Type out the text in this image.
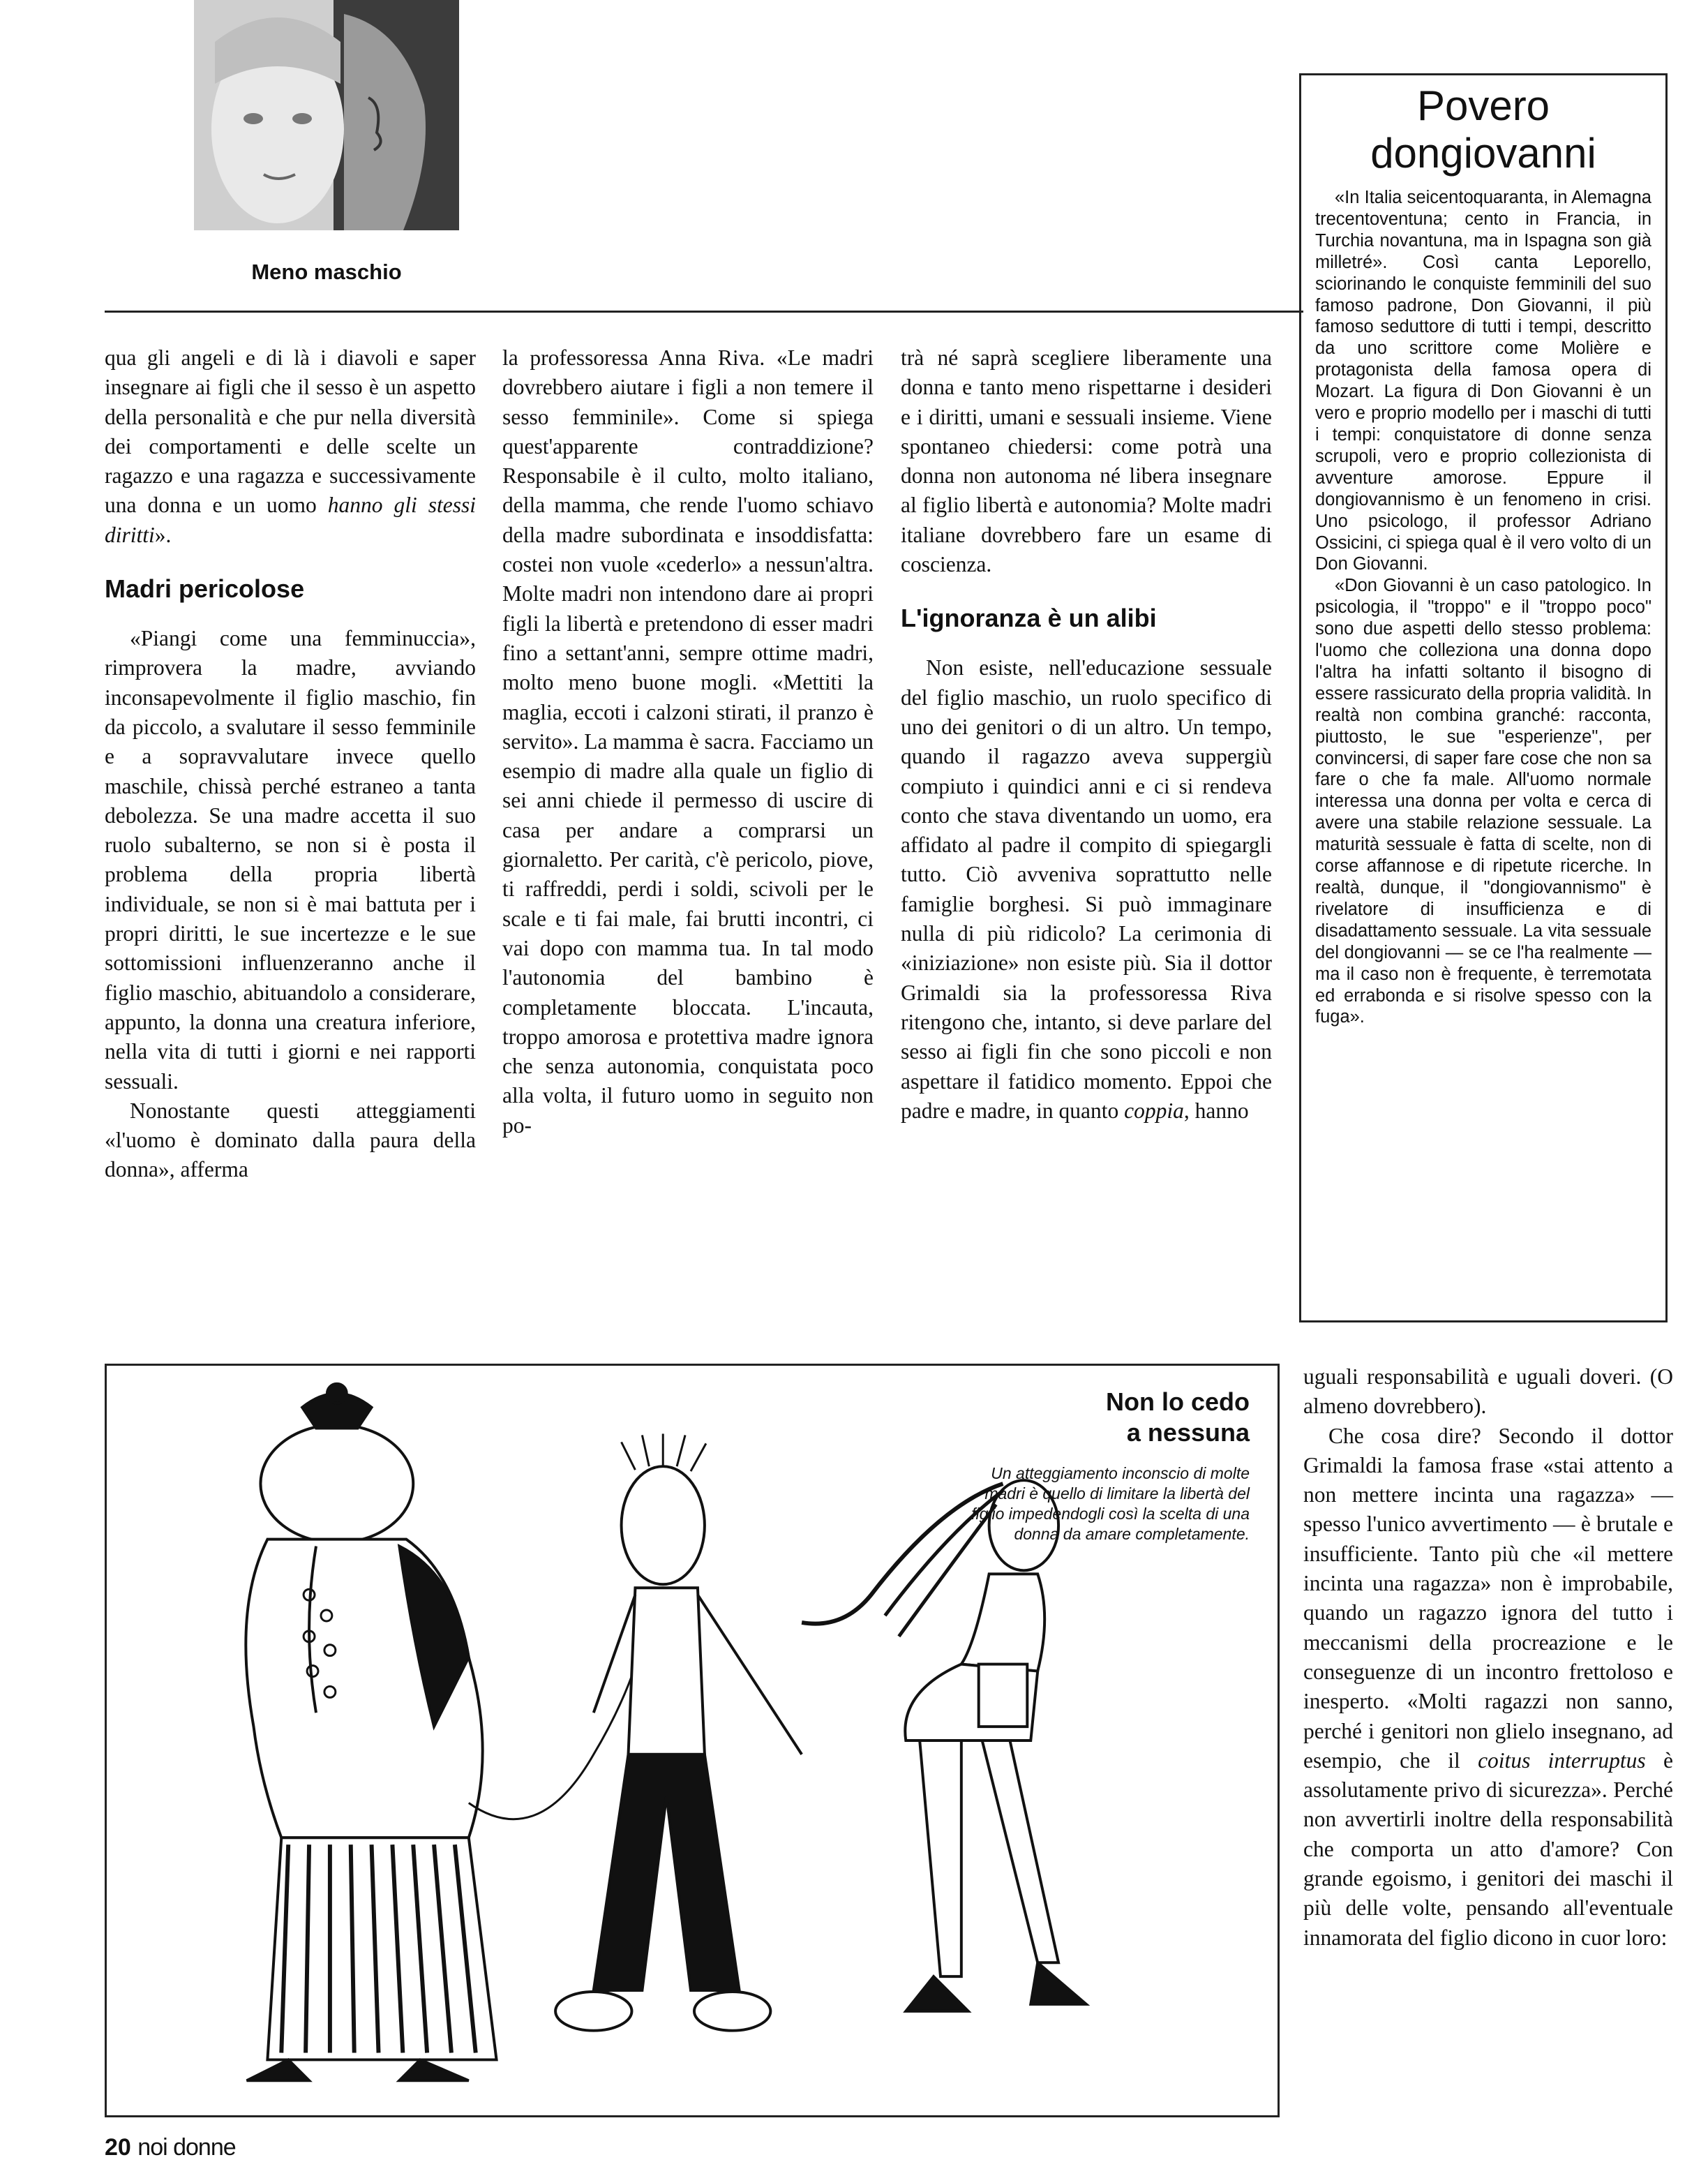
Meno maschio

qua gli angeli e di là i diavoli e saper insegnare ai figli che il sesso è un aspetto della personalità e che pur nella diversità dei comportamenti e delle scelte un ragazzo e una ragazza e successivamente una donna e un uomo hanno gli stessi diritti».

Madri pericolose

«Piangi come una femminuccia», rimprovera la madre, avviando inconsapevolmente il figlio maschio, fin da piccolo, a svalutare il sesso femminile e a sopravvalutare invece quello maschile, chissà perché estraneo a tanta debolezza. Se una madre accetta il suo ruolo subalterno, se non si è posta il problema della propria libertà individuale, se non si è mai battuta per i propri diritti, le sue incertezze e le sue sottomissioni influenzeranno anche il figlio maschio, abituandolo a considerare, appunto, la donna una creatura inferiore, nella vita di tutti i giorni e nei rapporti sessuali.

Nonostante questi atteggiamenti «l'uomo è dominato dalla paura della donna», afferma

la professoressa Anna Riva. «Le madri dovrebbero aiutare i figli a non temere il sesso femminile». Come si spiega quest'apparente contraddizione? Responsabile è il culto, molto italiano, della mamma, che rende l'uomo schiavo della madre subordinata e insoddisfatta: costei non vuole «cederlo» a nessun'altra. Molte madri non intendono dare ai propri figli la libertà e pretendono di esser madri fino a settant'anni, sempre ottime madri, molto meno buone mogli. «Mettiti la maglia, eccoti i calzoni stirati, il pranzo è servito». La mamma è sacra. Facciamo un esempio di madre alla quale un figlio di sei anni chiede il permesso di uscire di casa per andare a comprarsi un giornaletto. Per carità, c'è pericolo, piove, ti raffreddi, perdi i soldi, scivoli per le scale e ti fai male, fai brutti incontri, ci vai dopo con mamma tua. In tal modo l'autonomia del bambino è completamente bloccata. L'incauta, troppo amorosa e protettiva madre ignora che senza autonomia, conquistata poco alla volta, il futuro uomo in seguito non po-

trà né saprà scegliere liberamente una donna e tanto meno rispettarne i desideri e i diritti, umani e sessuali insieme. Viene spontaneo chiedersi: come potrà una donna non autonoma né libera insegnare al figlio libertà e autonomia? Molte madri italiane dovrebbero fare un esame di coscienza.

L'ignoranza è un alibi

Non esiste, nell'educazione sessuale del figlio maschio, un ruolo specifico di uno dei genitori o di un altro. Un tempo, quando il ragazzo aveva suppergiù compiuto i quindici anni e ci si rendeva conto che stava diventando un uomo, era affidato al padre il compito di spiegargli tutto. Ciò avveniva soprattutto nelle famiglie borghesi. Si può immaginare nulla di più ridicolo? La cerimonia di «iniziazione» non esiste più. Sia il dottor Grimaldi sia la professoressa Riva ritengono che, intanto, si deve parlare del sesso ai figli fin che sono piccoli e non aspettare il fatidico momento. Eppoi che padre e madre, in quanto coppia, hanno

Povero
dongiovanni

«In Italia seicentoquaranta, in Alemagna trecentoventuna; cento in Francia, in Turchia novantuna, ma in Ispagna son già milletré». Così canta Leporello, sciorinando le conquiste femminili del suo famoso padrone, Don Giovanni, il più famoso seduttore di tutti i tempi, descritto da uno scrittore come Molière e protagonista della famosa opera di Mozart. La figura di Don Giovanni è un vero e proprio modello per i maschi di tutti i tempi: conquistatore di donne senza scrupoli, vero e proprio collezionista di avventure amorose. Eppure il dongiovannismo è un fenomeno in crisi. Uno psicologo, il professor Adriano Ossicini, ci spiega qual è il vero volto di un Don Giovanni.

«Don Giovanni è un caso patologico. In psicologia, il "troppo" e il "troppo poco" sono due aspetti dello stesso problema: l'uomo che colleziona una donna dopo l'altra ha infatti soltanto il bisogno di essere rassicurato della propria validità. In realtà non combina granché: racconta, piuttosto, le sue "esperienze", per convincersi, di saper fare cose che non sa fare o che fa male. All'uomo normale interessa una donna per volta e cerca di avere una stabile relazione sessuale. La maturità sessuale è fatta di scelte, non di corse affannose e di ripetute ricerche. In realtà, dunque, il "dongiovannismo" è rivelatore di insufficienza e di disadattamento sessuale. La vita sessuale del dongiovanni — se ce l'ha realmente — ma il caso non è frequente, è terremotata ed errabonda e si risolve spesso con la fuga».

Non lo cedo
a nessuna
Un atteggiamento inconscio di molte madri è quello di limitare la libertà del figlio impedendogli così la scelta di una donna da amare completamente.

uguali responsabilità e uguali doveri. (O almeno dovrebbero).

Che cosa dire? Secondo il dottor Grimaldi la famosa frase «stai attento a non mettere incinta una ragazza» — spesso l'unico avvertimento — è brutale e insufficiente. Tanto più che «il mettere incinta una ragazza» non è improbabile, quando un ragazzo ignora del tutto i meccanismi della procreazione e le conseguenze di un incontro frettoloso e inesperto. «Molti ragazzi non sanno, perché i genitori non glielo insegnano, ad esempio, che il coitus interruptus è assolutamente privo di sicurezza». Perché non avvertirli inoltre della responsabilità che comporta un atto d'amore? Con grande egoismo, i genitori dei maschi il più delle volte, pensando all'eventuale innamorata del figlio dicono in cuor loro:

20 noi donne
